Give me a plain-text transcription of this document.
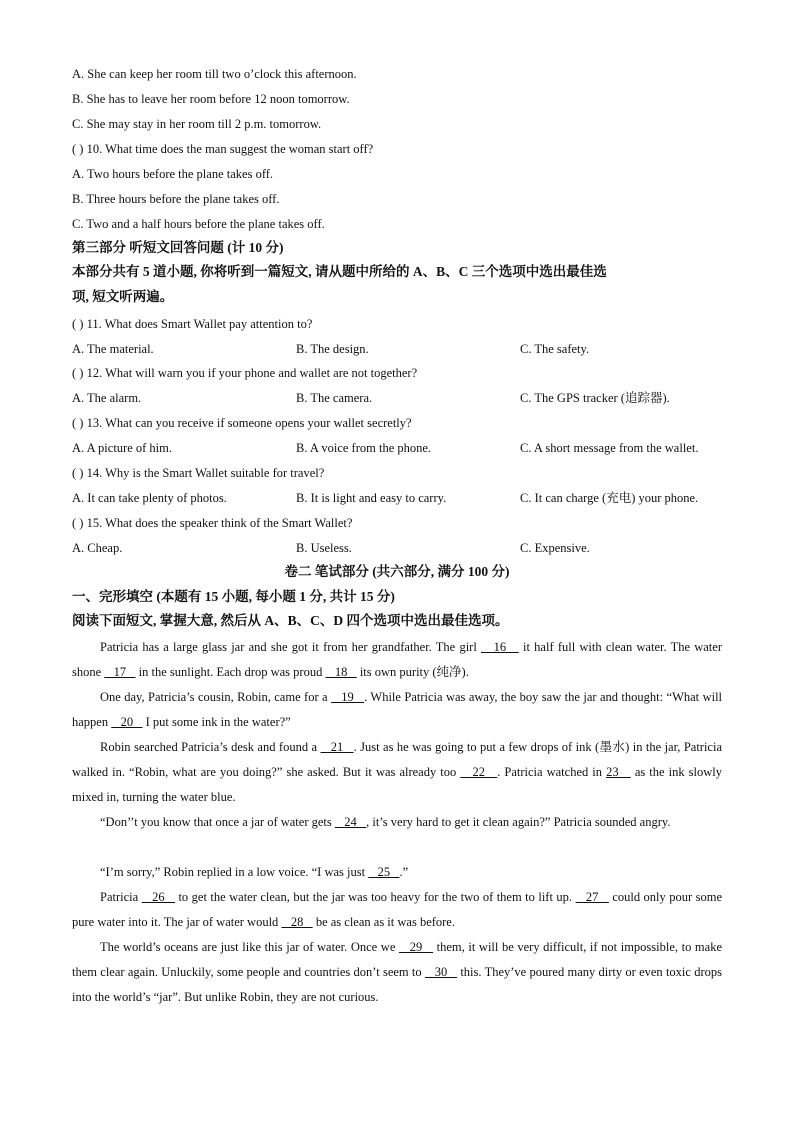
A. She can keep her room till two o’clock this afternoon.
B. She has to leave her room before 12 noon tomorrow.
C. She may stay in her room till 2 p.m. tomorrow.
( ) 10. What time does the man suggest the woman start off?
A. Two hours before the plane takes off.
B. Three hours before the plane takes off.
C. Two and a half hours before the plane takes off.
第三部分 听短文回答问题 (计 10 分)
本部分共有 5 道小题, 你将听到一篇短文, 请从题中所给的 A、B、C 三个选项中选出最佳选
项, 短文听两遍。
( ) 11. What does Smart Wallet pay attention to?
A. The material.	B. The design.	C. The safety.
( ) 12. What will warn you if your phone and wallet are not together?
A. The alarm.	B. The camera.	C. The GPS tracker (追踪器).
( ) 13. What can you receive if someone opens your wallet secretly?
A. A picture of him.	B. A voice from the phone.	C. A short message from the wallet.
( ) 14. Why is the Smart Wallet suitable for travel?
A. It can take plenty of photos.	B. It is light and easy to carry.	C. It can charge (充电) your phone.
( ) 15. What does the speaker think of the Smart Wallet?
A. Cheap.	B. Useless.	C. Expensive.
卷二 笔试部分 (共六部分, 满分 100 分)
一、完形填空 (本题有 15 小题, 每小题 1 分, 共计 15 分)
阅读下面短文, 掌握大意, 然后从 A、B、C、D 四个选项中选出最佳选项。
Patricia has a large glass jar and she got it from her grandfather. The girl    16    it half full with clean water. The water shone    17    in the sunlight. Each drop was proud    18    its own purity (纯净).
One day, Patricia’s cousin, Robin, came for a    19   . While Patricia was away, the boy saw the jar and thought: “What will happen    20    I put some ink in the water?”
Robin searched Patricia’s desk and found a    21   . Just as he was going to put a few drops of ink (墨水) in the jar, Patricia walked in. “Robin, what are you doing?” she asked. But it was already too    22   . Patricia watched in 23    as the ink slowly mixed in, turning the water blue.
“Don’’t you know that once a jar of water gets    24   , it’s very hard to get it clean again?” Patricia sounded angry.
“I’m sorry,” Robin replied in a low voice. “I was just    25   .”
Patricia    26    to get the water clean, but the jar was too heavy for the two of them to lift up.    27    could only pour some pure water into it. The jar of water would    28    be as clean as it was before.
The world’s oceans are just like this jar of water. Once we    29    them, it will be very difficult, if not impossible, to make them clear again. Unluckily, some people and countries don’t seem to    30    this. They’ve poured many dirty or even toxic drops into the world’s “jar”. But unlike Robin, they are not curious.
